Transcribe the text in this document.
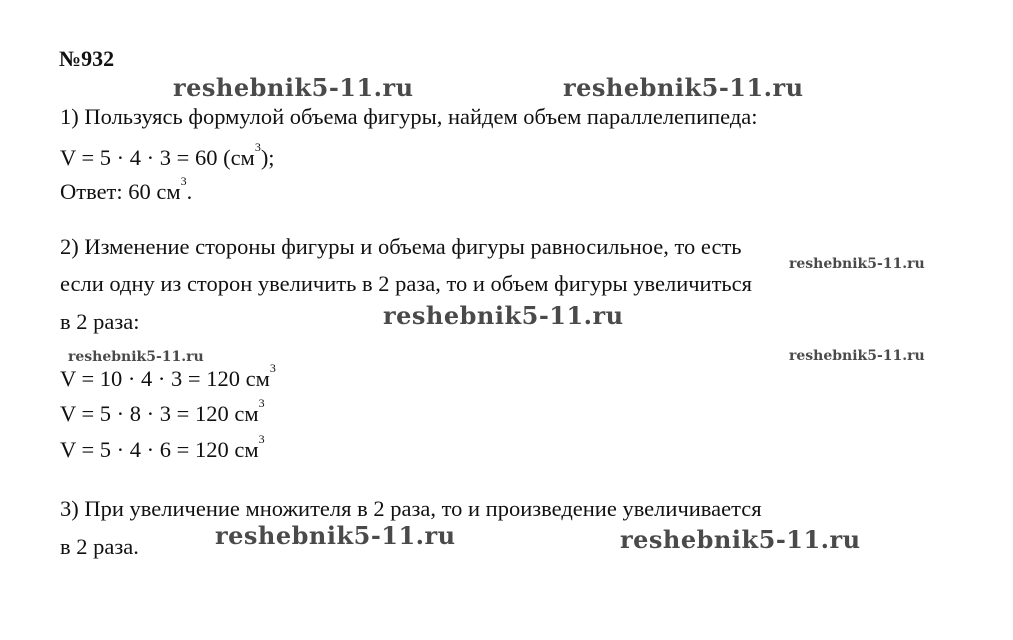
№932
reshebnik5-11.ru	reshebnik5-11.ru
reshebnik5-11.ru
reshebnik5-11.ru
reshebnik5-11.ru	reshebnik5-11.ru
reshebnik5-11.ru	reshebnik5-11.ru
1) Пользуясь формулой объема фигуры, найдем объем параллелепипеда:
V = 5 · 4 · 3 = 60 $(см^3)$;
Ответ: 60 $см^3$.
2) Изменение стороны фигуры и объема фигуры равносильное, то есть
если одну из сторон увеличить в 2 раза, то и объем фигуры увеличиться
в 2 раза:
V = 10 · 4 · 3 = 120 $см^3$
V = 5 · 8 · 3 = 120 $см^3$
V = 5 · 4 · 6 = 120 $см^3$
3) При увеличение множителя в 2 раза, то и произведение увеличивается
в 2 раза.
